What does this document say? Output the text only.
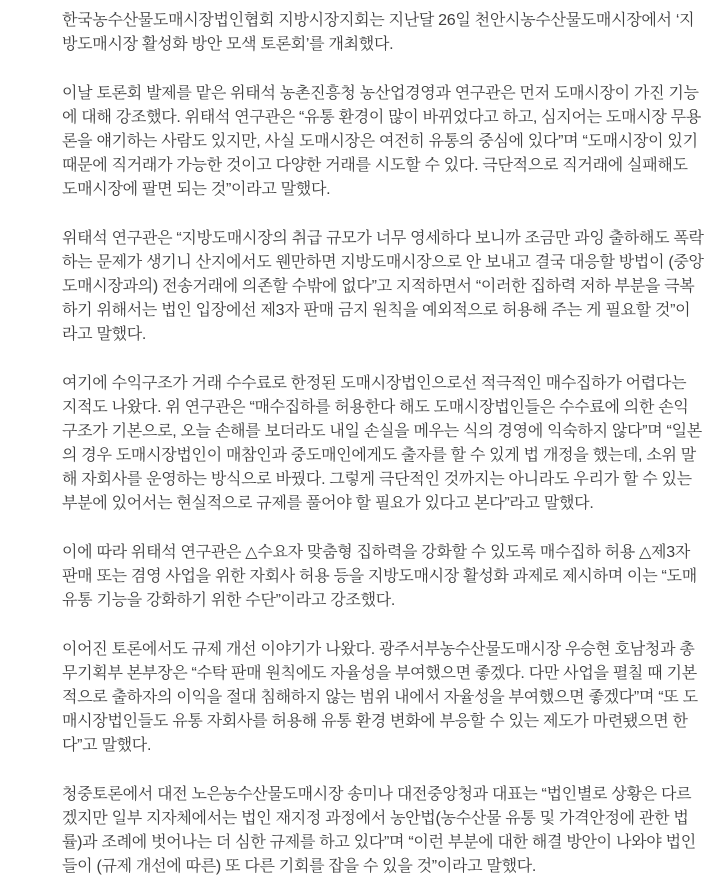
한국농수산물도매시장법인협회 지방시장지회는 지난달 26일 천안시농수산물도매시장에서 ‘지방도매시장 활성화 방안 모색 토론회’를 개최했다.

이날 토론회 발제를 맡은 위태석 농촌진흥청 농산업경영과 연구관은 먼저 도매시장이 가진 기능에 대해 강조했다. 위태석 연구관은 “유통 환경이 많이 바뀌었다고 하고, 심지어는 도매시장 무용론을 얘기하는 사람도 있지만, 사실 도매시장은 여전히 유통의 중심에 있다”며 “도매시장이 있기 때문에 직거래가 가능한 것이고 다양한 거래를 시도할 수 있다. 극단적으로 직거래에 실패해도 도매시장에 팔면 되는 것”이라고 말했다.

위태석 연구관은 “지방도매시장의 취급 규모가 너무 영세하다 보니까 조금만 과잉 출하해도 폭락하는 문제가 생기니 산지에서도 웬만하면 지방도매시장으로 안 보내고 결국 대응할 방법이 (중앙도매시장과의) 전송거래에 의존할 수밖에 없다”고 지적하면서 “이러한 집하력 저하 부분을 극복하기 위해서는 법인 입장에선 제3자 판매 금지 원칙을 예외적으로 허용해 주는 게 필요할 것”이라고 말했다.

여기에 수익구조가 거래 수수료로 한정된 도매시장법인으로선 적극적인 매수집하가 어렵다는 지적도 나왔다. 위 연구관은 “매수집하를 허용한다 해도 도매시장법인들은 수수료에 의한 손익 구조가 기본으로, 오늘 손해를 보더라도 내일 손실을 메우는 식의 경영에 익숙하지 않다”며 “일본의 경우 도매시장법인이 매참인과 중도매인에게도 출자를 할 수 있게 법 개정을 했는데, 소위 말해 자회사를 운영하는 방식으로 바꿨다. 그렇게 극단적인 것까지는 아니라도 우리가 할 수 있는 부분에 있어서는 현실적으로 규제를 풀어야 할 필요가 있다고 본다”라고 말했다.

이에 따라 위태석 연구관은 △수요자 맞춤형 집하력을 강화할 수 있도록 매수집하 허용 △제3자 판매 또는 겸영 사업을 위한 자회사 허용 등을 지방도매시장 활성화 과제로 제시하며 이는 “도매유통 기능을 강화하기 위한 수단”이라고 강조했다.

이어진 토론에서도 규제 개선 이야기가 나왔다. 광주서부농수산물도매시장 우승현 호남청과 총무기획부 본부장은 “수탁 판매 원칙에도 자율성을 부여했으면 좋겠다. 다만 사업을 펼칠 때 기본적으로 출하자의 이익을 절대 침해하지 않는 범위 내에서 자율성을 부여했으면 좋겠다”며 “또 도매시장법인들도 유통 자회사를 허용해 유통 환경 변화에 부응할 수 있는 제도가 마련됐으면 한다”고 말했다.

청중토론에서 대전 노은농수산물도매시장 송미나 대전중앙청과 대표는 “법인별로 상황은 다르겠지만 일부 지자체에서는 법인 재지정 과정에서 농안법(농수산물 유통 및 가격안정에 관한 법률)과 조례에 벗어나는 더 심한 규제를 하고 있다”며 “이런 부분에 대한 해결 방안이 나와야 법인들이 (규제 개선에 따른) 또 다른 기회를 잡을 수 있을 것”이라고 말했다.
